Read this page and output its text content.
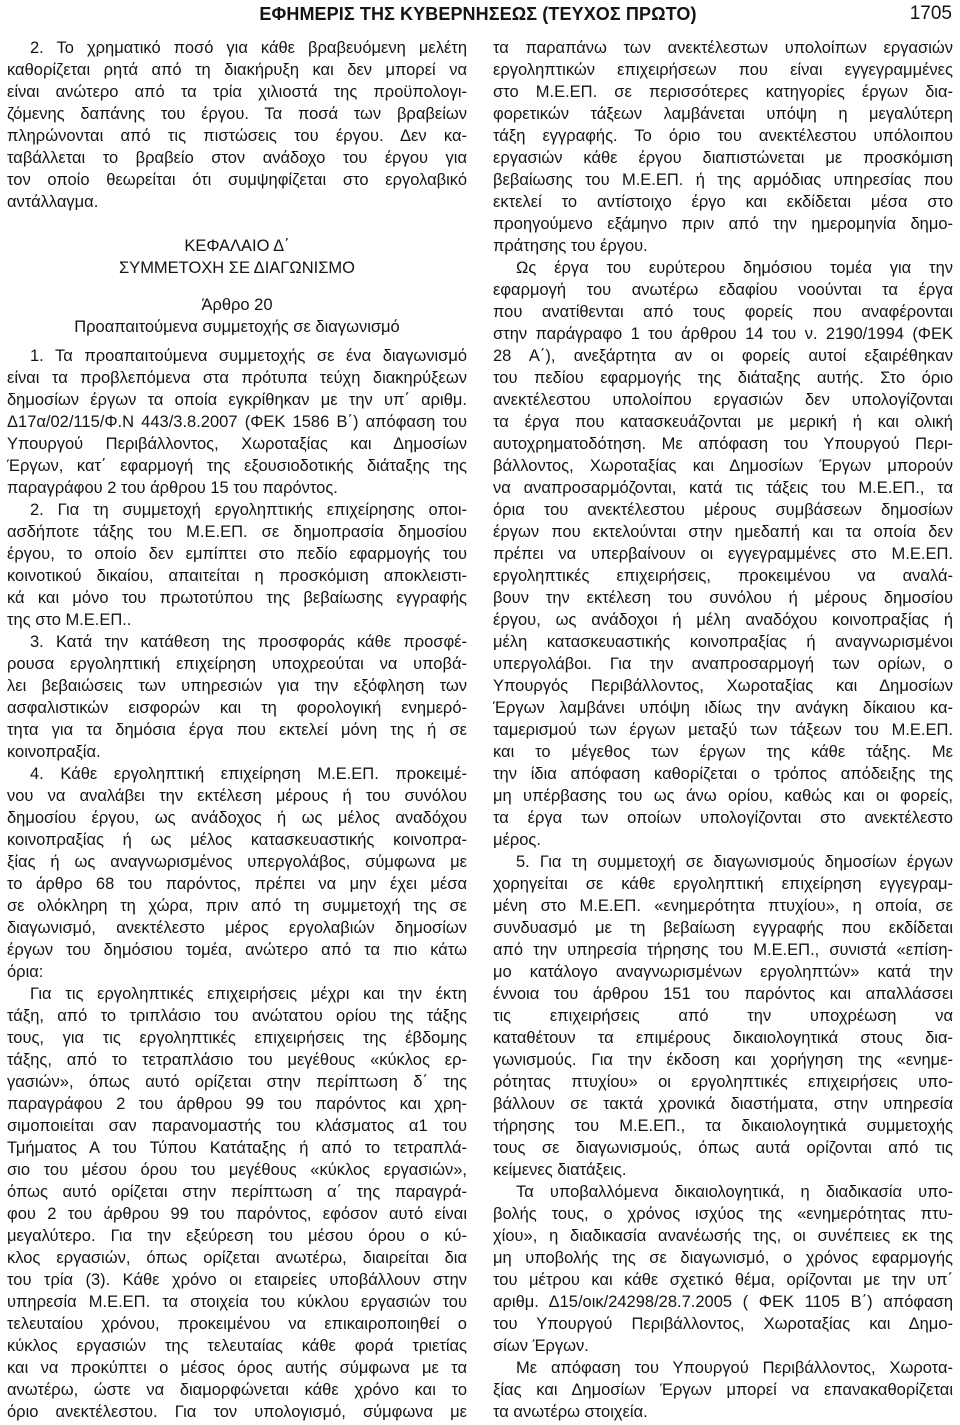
ΕΦΗΜΕΡΙΣ ΤΗΣ ΚΥΒΕΡΝΗΣΕΩΣ (ΤΕΥΧΟΣ ΠΡΩΤΟ)	1705
2. Το χρηματικό ποσό για κάθε βραβευόμενη μελέτη
καθορίζεται ρητά από τη διακήρυξη και δεν μπορεί να
είναι ανώτερο από τα τρία χιλιοστά της προϋπολογι-
ζόμενης δαπάνης του έργου. Τα ποσά των βραβείων
πληρώνονται από τις πιστώσεις του έργου. Δεν κα-
ταβάλλεται το βραβείο στον ανάδοχο του έργου για
τον οποίο θεωρείται ότι συμψηφίζεται στο εργολαβικό
αντάλλαγμα.
ΚΕΦΑΛΑΙΟ Δ΄
ΣΥΜΜΕΤΟΧΗ ΣΕ ΔΙΑΓΩΝΙΣΜΟ
Άρθρο 20
Προαπαιτούμενα συμμετοχής σε διαγωνισμό
1. Τα προαπαιτούμενα συμμετοχής σε ένα διαγωνισμό
είναι τα προβλεπόμενα στα πρότυπα τεύχη διακηρύξεων
δημοσίων έργων τα οποία εγκρίθηκαν με την υπ΄ αριθμ.
Δ17α/02/115/Φ.Ν 443/3.8.2007 (ΦΕΚ 1586 Β΄) απόφαση του
Υπουργού Περιβάλλοντος, Χωροταξίας και Δημοσίων
Έργων, κατ΄ εφαρμογή της εξουσιοδοτικής διάταξης της
παραγράφου 2 του άρθρου 15 του παρόντος.
2. Για τη συμμετοχή εργοληπτικής επιχείρησης οποι-
ασδήποτε τάξης του Μ.Ε.ΕΠ. σε δημοπρασία δημοσίου
έργου, το οποίο δεν εμπίπτει στο πεδίο εφαρμογής του
κοινοτικού δικαίου, απαιτείται η προσκόμιση αποκλειστι-
κά και μόνο του πρωτοτύπου της βεβαίωσης εγγραφής
της στο Μ.Ε.ΕΠ..
3. Κατά την κατάθεση της προσφοράς κάθε προσφέ-
ρουσα εργοληπτική επιχείρηση υποχρεούται να υποβά-
λει βεβαιώσεις των υπηρεσιών για την εξόφληση των
ασφαλιστικών εισφορών και τη φορολογική ενημερό-
τητα για τα δημόσια έργα που εκτελεί μόνη της ή σε
κοινοπραξία.
4. Κάθε εργοληπτική επιχείρηση Μ.Ε.ΕΠ. προκειμέ-
νου να αναλάβει την εκτέλεση μέρους ή του συνόλου
δημοσίου έργου, ως ανάδοχος ή ως μέλος αναδόχου
κοινοπραξίας ή ως μέλος κατασκευαστικής κοινοπρα-
ξίας ή ως αναγνωρισμένος υπεργολάβος, σύμφωνα με
το άρθρο 68 του παρόντος, πρέπει να μην έχει μέσα
σε ολόκληρη τη χώρα, πριν από τη συμμετοχή της σε
διαγωνισμό, ανεκτέλεστο μέρος εργολαβιών δημοσίων
έργων του δημόσιου τομέα, ανώτερο από τα πιο κάτω
όρια:
Για τις εργοληπτικές επιχειρήσεις μέχρι και την έκτη
τάξη, από το τριπλάσιο του ανώτατου ορίου της τάξης
τους, για τις εργοληπτικές επιχειρήσεις της έβδομης
τάξης, από το τετραπλάσιο του μεγέθους «κύκλος ερ-
γασιών», όπως αυτό ορίζεται στην περίπτωση δ΄ της
παραγράφου 2 του άρθρου 99 του παρόντος και χρη-
σιμοποιείται σαν παρανομαστής του κλάσματος α1 του
Τμήματος Α του Τύπου Κατάταξης ή από το τετραπλά-
σιο του μέσου όρου του μεγέθους «κύκλος εργασιών»,
όπως αυτό ορίζεται στην περίπτωση α΄ της παραγρά-
φου 2 του άρθρου 99 του παρόντος, εφόσον αυτό είναι
μεγαλύτερο. Για την εξεύρεση του μέσου όρου ο κύ-
κλος εργασιών, όπως ορίζεται ανωτέρω, διαιρείται δια
του τρία (3). Κάθε χρόνο οι εταιρείες υποβάλλουν στην
υπηρεσία Μ.Ε.ΕΠ. τα στοιχεία του κύκλου εργασιών του
τελευταίου χρόνου, προκειμένου να επικαιροποιηθεί ο
κύκλος εργασιών της τελευταίας κάθε φορά τριετίας
και να προκύπτει ο μέσος όρος αυτής σύμφωνα με τα
ανωτέρω, ώστε να διαμορφώνεται κάθε χρόνο και το
όριο ανεκτέλεστου. Για τον υπολογισμό, σύμφωνα με
τα παραπάνω των ανεκτέλεστων υπολοίπων εργασιών
εργοληπτικών επιχειρήσεων που είναι εγγεγραμμένες
στο Μ.Ε.ΕΠ. σε περισσότερες κατηγορίες έργων δια-
φορετικών τάξεων λαμβάνεται υπόψη η μεγαλύτερη
τάξη εγγραφής. Το όριο του ανεκτέλεστου υπόλοιπου
εργασιών κάθε έργου διαπιστώνεται με προσκόμιση
βεβαίωσης του Μ.Ε.ΕΠ. ή της αρμόδιας υπηρεσίας που
εκτελεί το αντίστοιχο έργο και εκδίδεται μέσα στο
προηγούμενο εξάμηνο πριν από την ημερομηνία δημο-
πράτησης του έργου.
Ως έργα του ευρύτερου δημόσιου τομέα για την
εφαρμογή του ανωτέρω εδαφίου νοούνται τα έργα
που ανατίθενται από τους φορείς που αναφέρονται
στην παράγραφο 1 του άρθρου 14 του ν. 2190/1994 (ΦΕΚ
28 Α΄), ανεξάρτητα αν οι φορείς αυτοί εξαιρέθηκαν
του πεδίου εφαρμογής της διάταξης αυτής. Στο όριο
ανεκτέλεστου υπολοίπου εργασιών δεν υπολογίζονται
τα έργα που κατασκευάζονται με μερική ή και ολική
αυτοχρηματοδότηση. Με απόφαση του Υπουργού Περι-
βάλλοντος, Χωροταξίας και Δημοσίων Έργων μπορούν
να αναπροσαρμόζονται, κατά τις τάξεις του Μ.Ε.ΕΠ., τα
όρια του ανεκτέλεστου μέρους συμβάσεων δημοσίων
έργων που εκτελούνται στην ημεδαπή και τα οποία δεν
πρέπει να υπερβαίνουν οι εγγεγραμμένες στο Μ.Ε.ΕΠ.
εργοληπτικές επιχειρήσεις, προκειμένου να αναλά-
βουν την εκτέλεση του συνόλου ή μέρους δημοσίου
έργου, ως ανάδοχοι ή μέλη αναδόχου κοινοπραξίας ή
μέλη κατασκευαστικής κοινοπραξίας ή αναγνωρισμένοι
υπεργολάβοι. Για την αναπροσαρμογή των ορίων, ο
Υπουργός Περιβάλλοντος, Χωροταξίας και Δημοσίων
Έργων λαμβάνει υπόψη ιδίως την ανάγκη δίκαιου κα-
ταμερισμού των έργων μεταξύ των τάξεων του Μ.Ε.ΕΠ.
και το μέγεθος των έργων της κάθε τάξης. Με
την ίδια απόφαση καθορίζεται ο τρόπος απόδειξης της
μη υπέρβασης του ως άνω ορίου, καθώς και οι φορείς,
τα έργα των οποίων υπολογίζονται στο ανεκτέλεστο
μέρος.
5. Για τη συμμετοχή σε διαγωνισμούς δημοσίων έργων
χορηγείται σε κάθε εργοληπτική επιχείρηση εγγεγραμ-
μένη στο Μ.Ε.ΕΠ. «ενημερότητα πτυχίου», η οποία, σε
συνδυασμό με τη βεβαίωση εγγραφής που εκδίδεται
από την υπηρεσία τήρησης του Μ.Ε.ΕΠ., συνιστά «επίση-
μο κατάλογο αναγνωρισμένων εργοληπτών» κατά την
έννοια του άρθρου 151 του παρόντος και απαλλάσσει
τις επιχειρήσεις από την υποχρέωση να
καταθέτουν τα επιμέρους δικαιολογητικά στους δια-
γωνισμούς. Για την έκδοση και χορήγηση της «ενημε-
ρότητας πτυχίου» οι εργοληπτικές επιχειρήσεις υπο-
βάλλουν σε τακτά χρονικά διαστήματα, στην υπηρεσία
τήρησης του Μ.Ε.ΕΠ., τα δικαιολογητικά συμμετοχής
τους σε διαγωνισμούς, όπως αυτά ορίζονται από τις
κείμενες διατάξεις.
Τα υποβαλλόμενα δικαιολογητικά, η διαδικασία υπο-
βολής τους, ο χρόνος ισχύος της «ενημερότητας πτυ-
χίου», η διαδικασία ανανέωσής της, οι συνέπειες εκ της
μη υποβολής της σε διαγωνισμό, ο χρόνος εφαρμογής
του μέτρου και κάθε σχετικό θέμα, ορίζονται με την υπ΄
αριθμ. Δ15/οικ/24298/28.7.2005 ( ΦΕΚ 1105 Β΄) απόφαση
του Υπουργού Περιβάλλοντος, Χωροταξίας και Δημο-
σίων Έργων.
Με απόφαση του Υπουργού Περιβάλλοντος, Χωροτα-
ξίας και Δημοσίων Έργων μπορεί να επανακαθορίζεται
τα ανωτέρω στοιχεία.
